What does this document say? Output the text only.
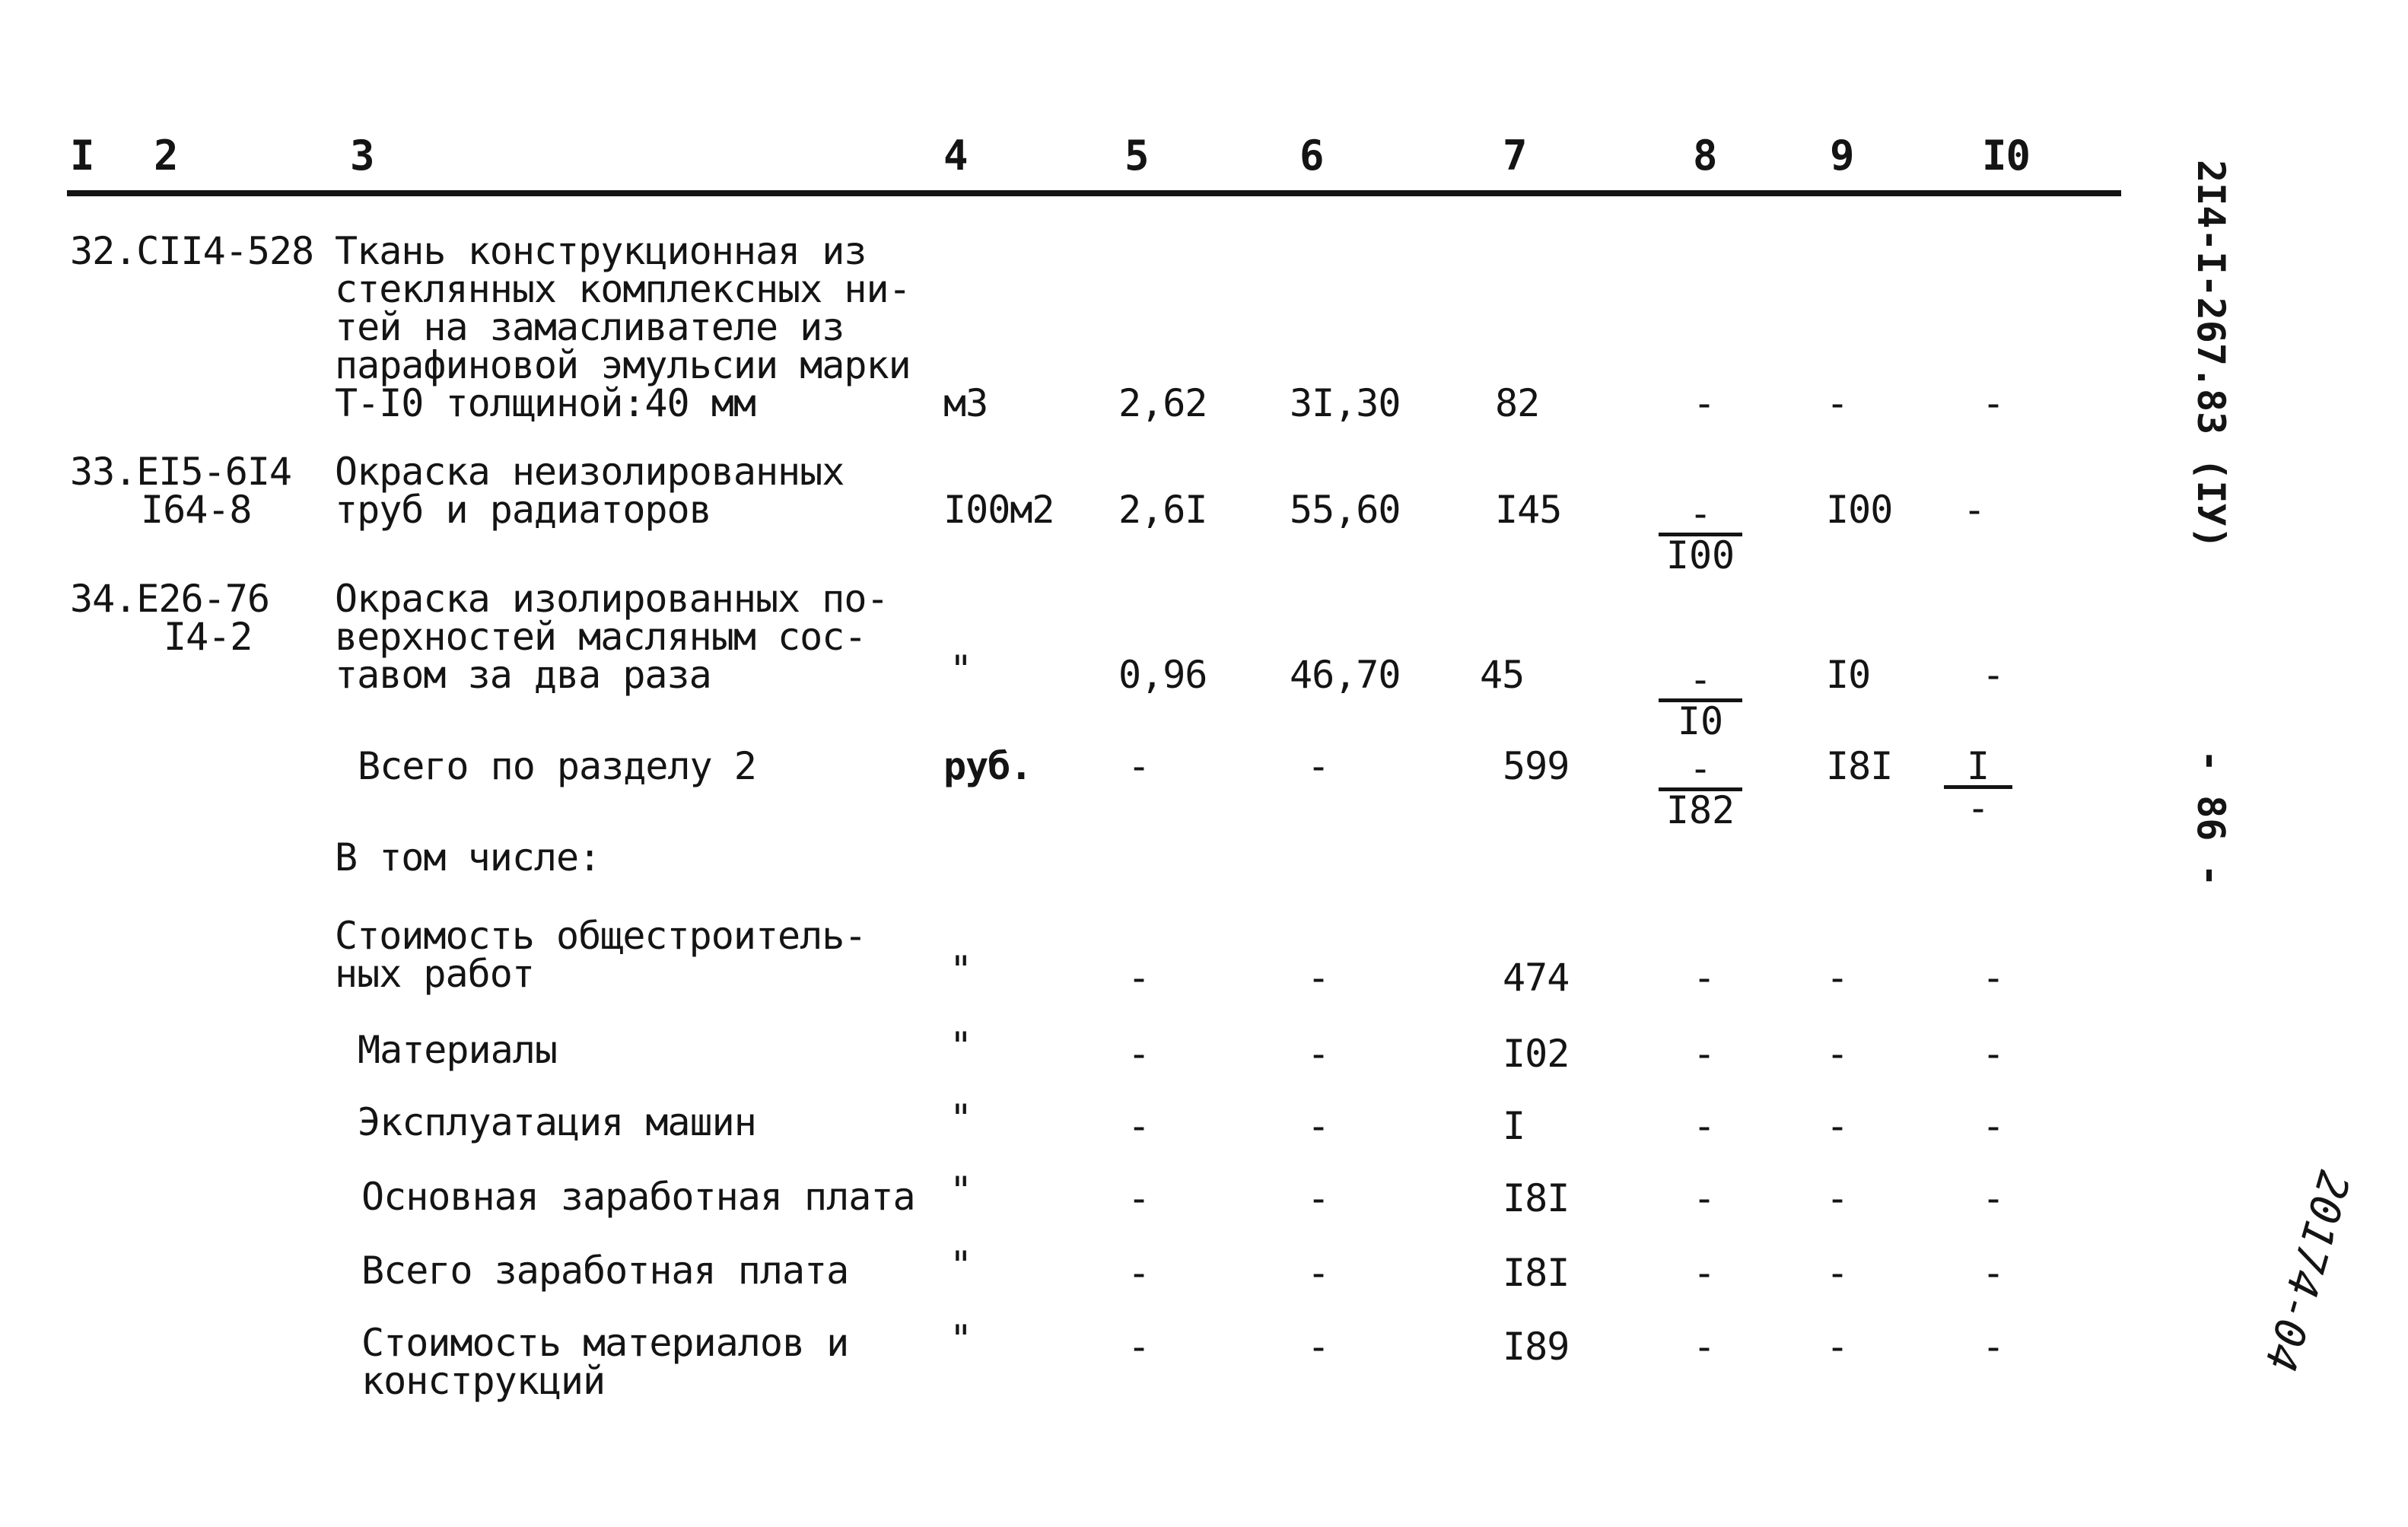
I 2	3	4	5	6	7	8	9	I0
32.CII4-528 Ткань конструкционная из
стеклянных комплексных ни-
тей на замасливателе из
парафиновой эмульсии марки
Т-I0 толщиной:40 мм	м3	2,62 3I,30 82	-	-	-
33.EI5-6I4
I64-8
Окраска неизолированных
труб и радиаторов	I00м2 2,6I 55,60 I45	-
I00
I00 -
34.E26-76
I4-2
Окраска изолированных по-
верхностей масляным сос-
тавом за два раза	"	0,96 46,70 45	-
I0
I0	-
Всего по разделу 2	руб.	-	-	599	-
I82
I8I	I
-
В том числе:
Стоимость общестроитель-
ных работ	"	-	-	474	-	-	-
Материалы	"	-	-	I02	-	-	-
Эксплуатация машин	"	-	-	I	-	-	-
Основная заработная плата "	-	-	I8I	-	-	-
Всего заработная плата	"	-	-	I8I	-	-	-
Стоимость материалов и
конструкций
"	-	-	I89	-	-	-
2I4-I-267.83 (IУ)
- 86 -
20174-04
